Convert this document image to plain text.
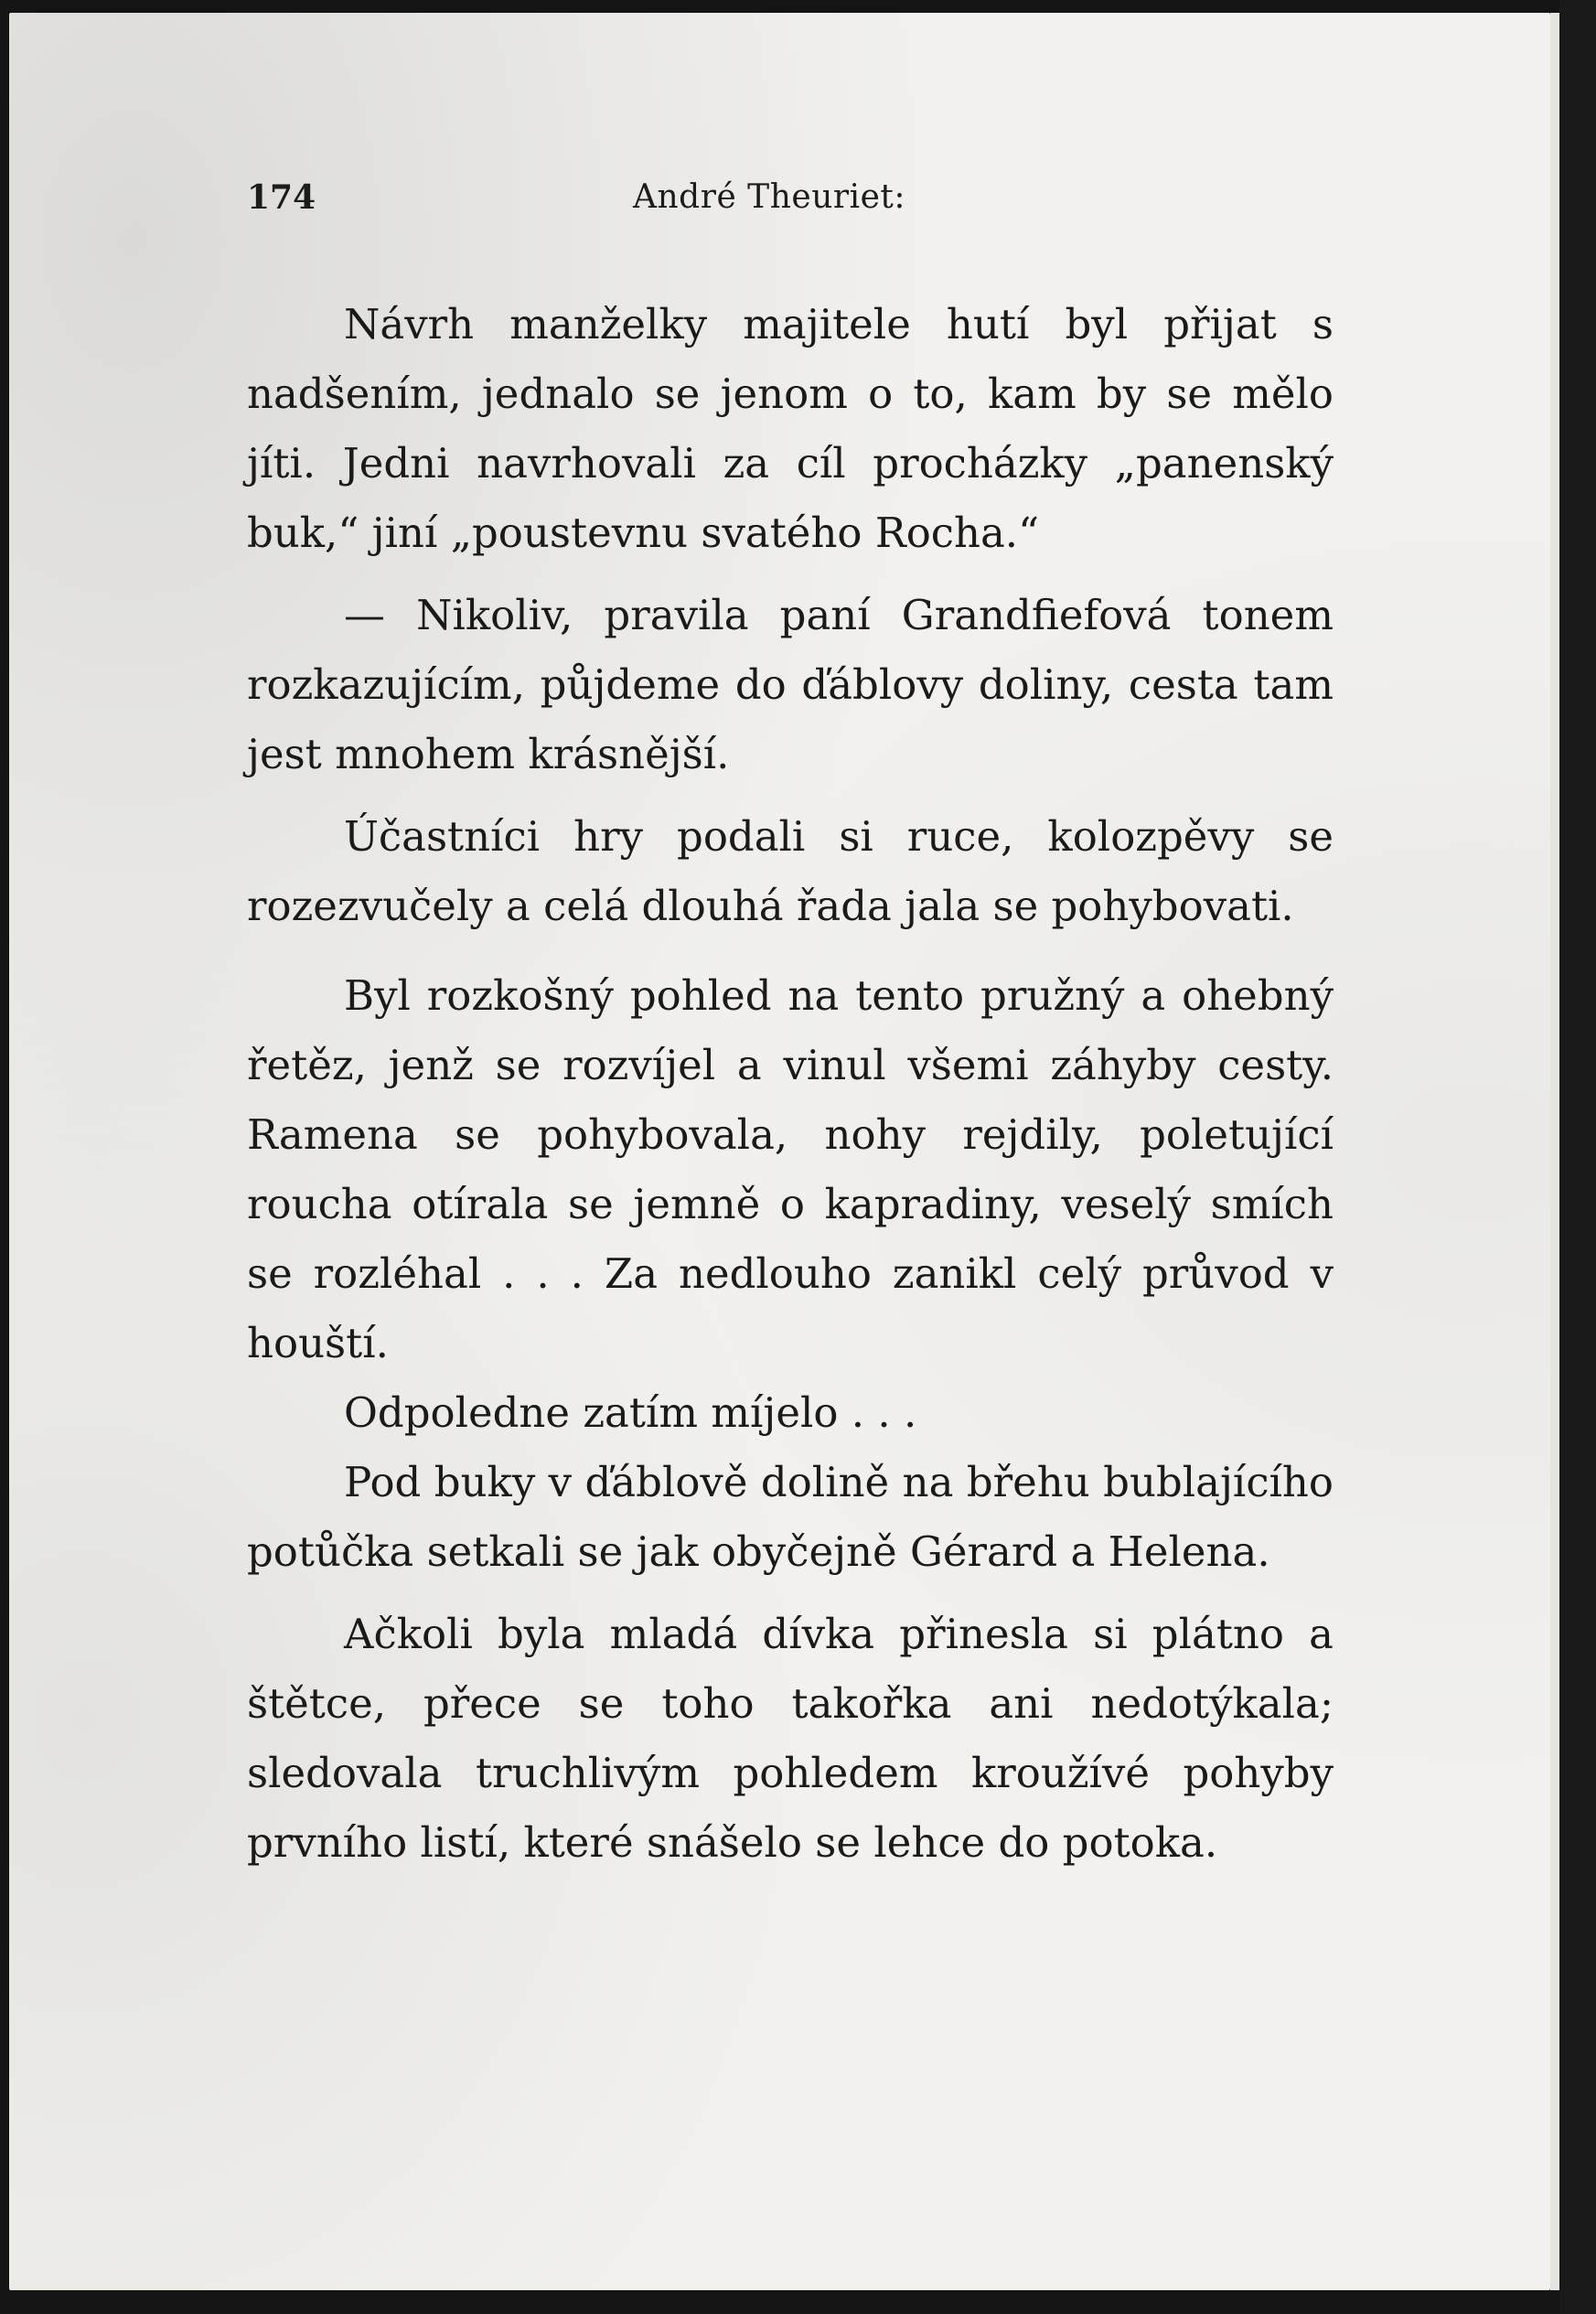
174	André Theuriet:

Návrh manželky majitele hutí byl přijat s nadšením, jednalo se jenom o to, kam by se mělo jíti. Jedni navrhovali za cíl procházky „panenský buk,“ jiní „poustevnu svatého Rocha.“

— Nikoliv, pravila paní Grandfiefová tonem rozkazujícím, půjdeme do ďáblovy doliny, cesta tam jest mnohem krásnější.

Účastníci hry podali si ruce, kolozpěvy se rozezvučely a celá dlouhá řada jala se pohybovati.

Byl rozkošný pohled na tento pružný a ohebný řetěz, jenž se rozvíjel a vinul všemi záhyby cesty. Ramena se pohybovala, nohy rejdily, poletující roucha otírala se jemně o kapradiny, veselý smích se rozléhal . . . Za nedlouho zanikl celý průvod v houští.

Odpoledne zatím míjelo . . .

Pod buky v ďáblově dolině na břehu bublajícího potůčka setkali se jak obyčejně Gérard a Helena.

Ačkoli byla mladá dívka přinesla si plátno a štětce, přece se toho takořka ani nedotýkala; sledovala truchlivým pohledem kroužívé pohyby prvního listí, které snášelo se lehce do potoka.
